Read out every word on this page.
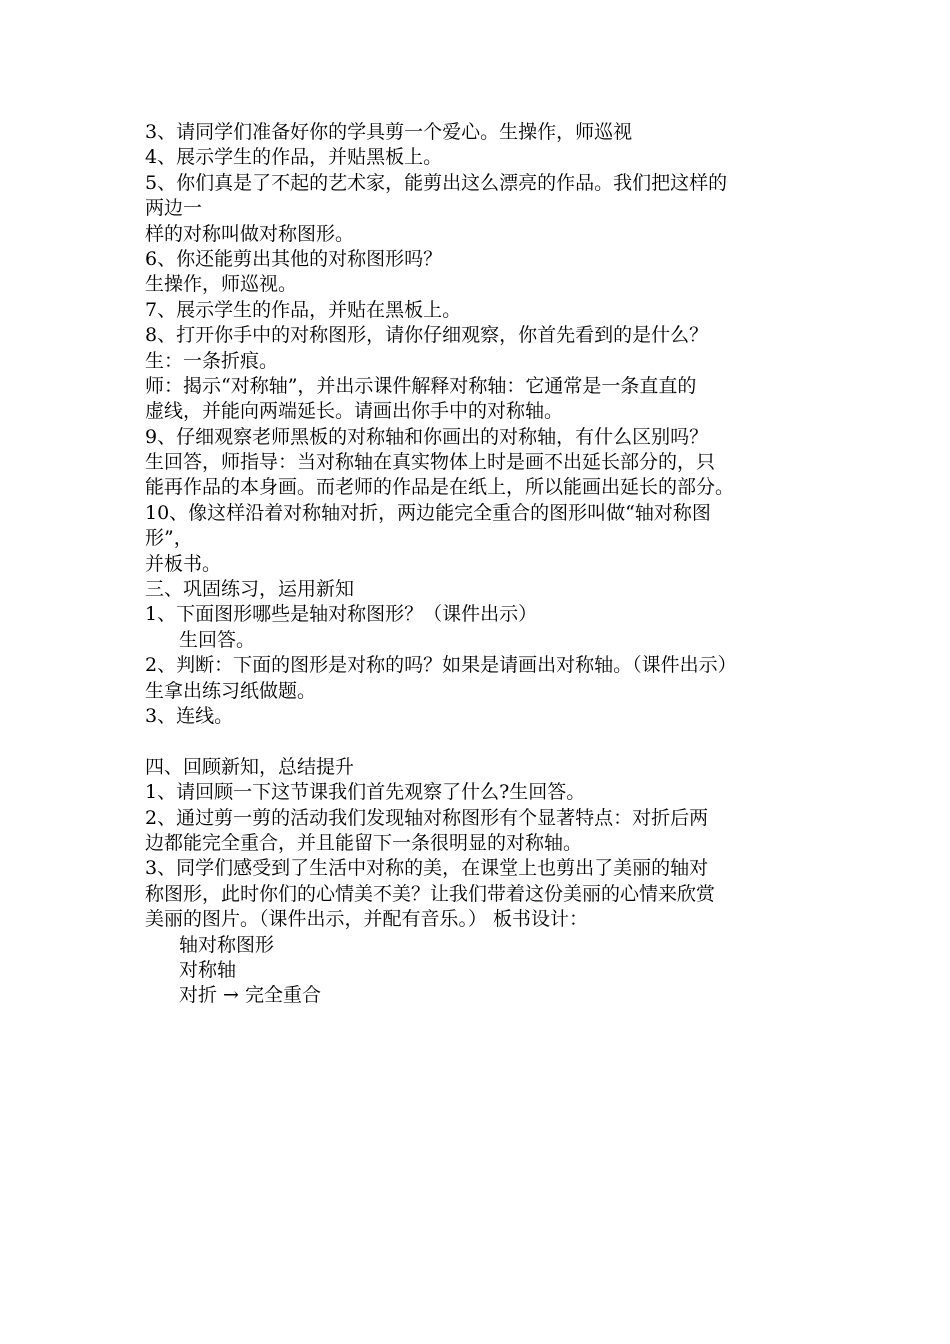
3、请同学们准备好你的学具剪一个爱心。生操作，师巡视
4、展示学生的作品，并贴黑板上。
5、你们真是了不起的艺术家，能剪出这么漂亮的作品。我们把这样的
两边一
样的对称叫做对称图形。
6、你还能剪出其他的对称图形吗？
生操作，师巡视。
7、展示学生的作品，并贴在黑板上。
8、打开你手中的对称图形，请你仔细观察，你首先看到的是什么？
生：一条折痕。
师：揭示“对称轴”，并出示课件解释对称轴：它通常是一条直直的
虚线，并能向两端延长。请画出你手中的对称轴。
9、仔细观察老师黑板的对称轴和你画出的对称轴，有什么区别吗？
生回答，师指导：当对称轴在真实物体上时是画不出延长部分的，只
能再作品的本身画。而老师的作品是在纸上，所以能画出延长的部分。
10、像这样沿着对称轴对折，两边能完全重合的图形叫做“轴对称图
形”，
并板书。
三、巩固练习，运用新知
1、下面图形哪些是轴对称图形？（课件出示）
生回答。
2、判断：下面的图形是对称的吗？如果是请画出对称轴。（课件出示）
生拿出练习纸做题。
3、连线。
四、回顾新知，总结提升
1、请回顾一下这节课我们首先观察了什么?生回答。
2、通过剪一剪的活动我们发现轴对称图形有个显著特点：对折后两
边都能完全重合，并且能留下一条很明显的对称轴。
3、同学们感受到了生活中对称的美，在课堂上也剪出了美丽的轴对
称图形，此时你们的心情美不美？让我们带着这份美丽的心情来欣赏
美丽的图片。（课件出示，并配有音乐。） 板书设计：
轴对称图形
对称轴
对折 → 完全重合
